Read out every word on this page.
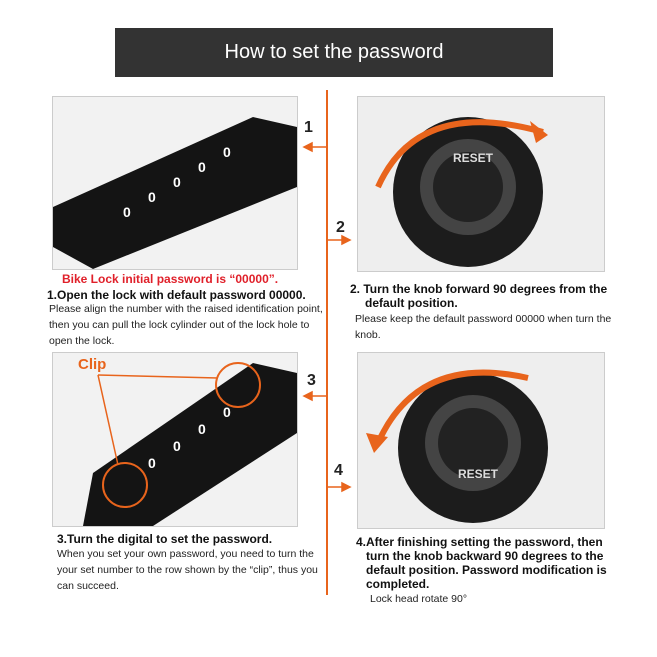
How to set the password
1
2
3
4
0
0
0
0
0
Bike Lock initial password is “00000”.
1.Open the lock with default password 00000.
Please align the number with the raised identification point, then you can pull the lock cylinder out of the lock hole to open the lock.
RESET
2. Turn the knob forward 90 degrees from the default position.
Please keep the default password 00000 when turn the knob.
0
0
0
0
Clip
3.Turn the digital to set the password.
When you set your own password, you need to turn the your set number to the row shown by the “clip”, thus you can succeed.
RESET
4.After finishing setting the password, then turn the knob backward 90 degrees to the default position. Password modification is completed.
Lock head rotate 90°
